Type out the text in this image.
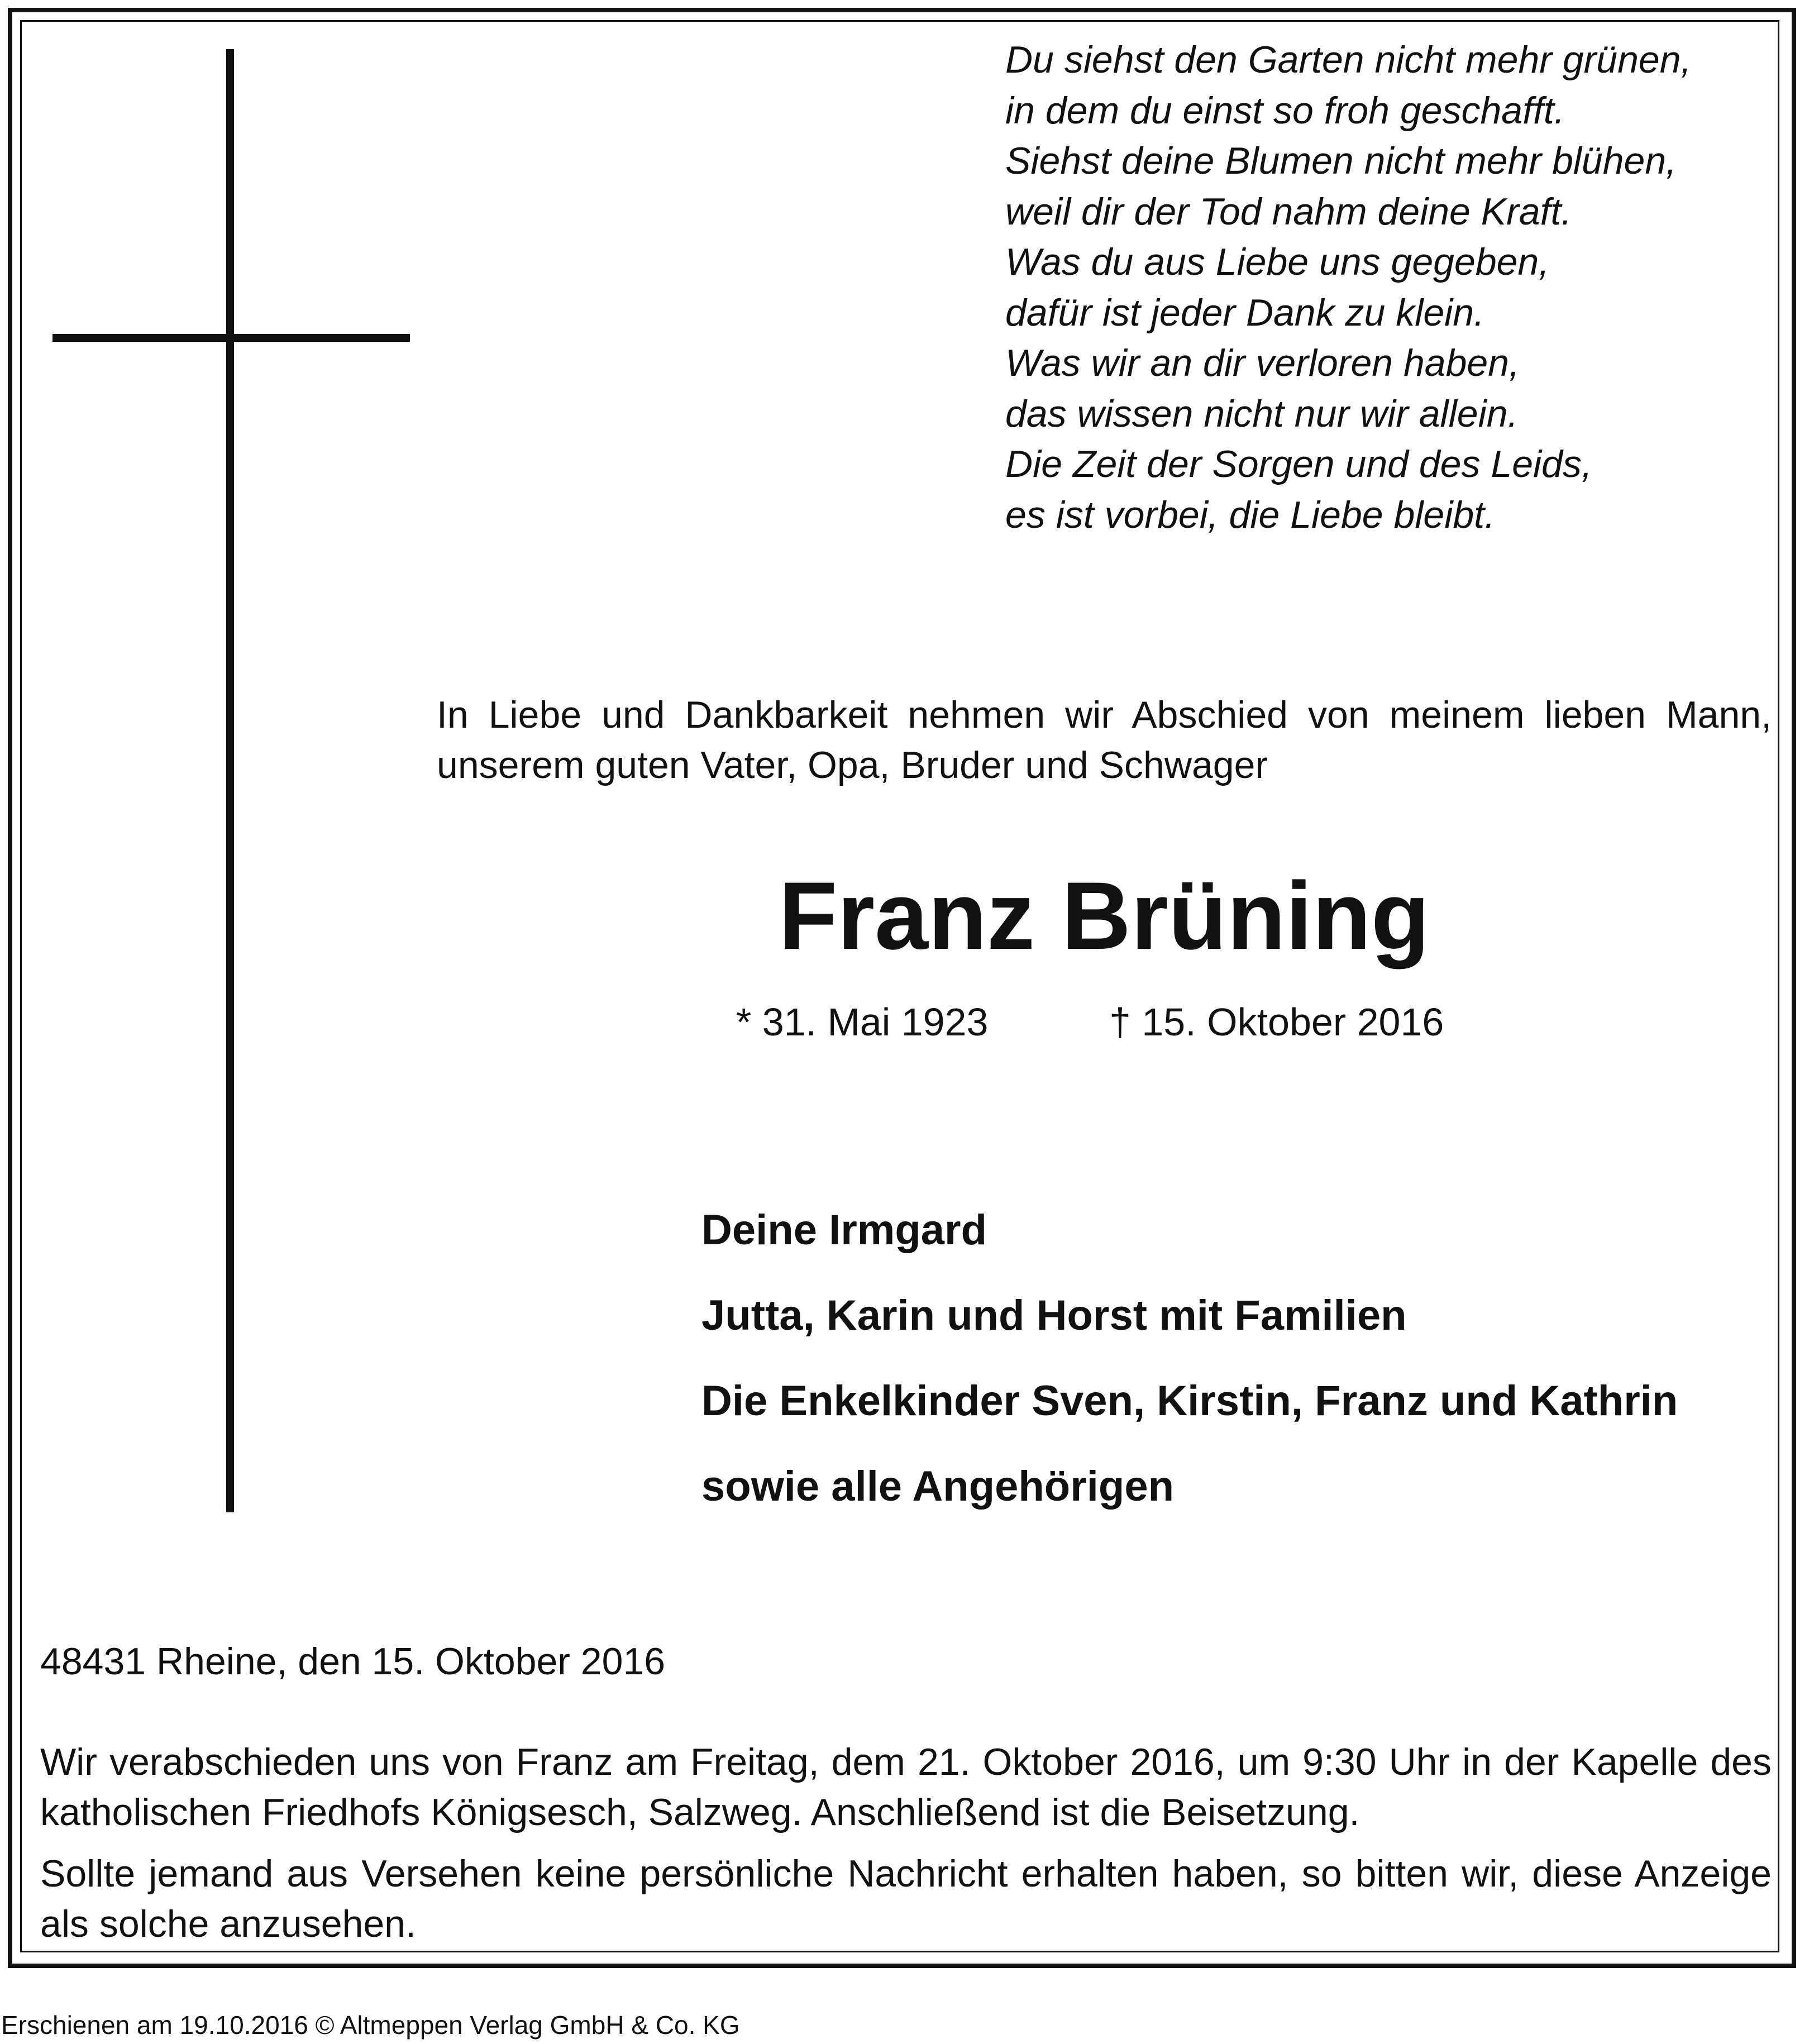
Du siehst den Garten nicht mehr grünen,
in dem du einst so froh geschafft.
Siehst deine Blumen nicht mehr blühen,
weil dir der Tod nahm deine Kraft.
Was du aus Liebe uns gegeben,
dafür ist jeder Dank zu klein.
Was wir an dir verloren haben,
das wissen nicht nur wir allein.
Die Zeit der Sorgen und des Leids,
es ist vorbei, die Liebe bleibt.
In Liebe und Dankbarkeit nehmen wir Abschied von meinem lieben Mann, unserem guten Vater, Opa, Bruder und Schwager
Franz Brüning
* 31. Mai 1923	† 15. Oktober 2016
Deine Irmgard
Jutta, Karin und Horst mit Familien
Die Enkelkinder Sven, Kirstin, Franz und Kathrin
sowie alle Angehörigen
48431 Rheine, den 15. Oktober 2016
Wir verabschieden uns von Franz am Freitag, dem 21. Oktober 2016, um 9:30 Uhr in der Kapelle des katholischen Friedhofs Königsesch, Salzweg. Anschließend ist die Beisetzung.
Sollte jemand aus Versehen keine persönliche Nachricht erhalten haben, so bitten wir, diese Anzeige als solche anzusehen.
Erschienen am 19.10.2016 © Altmeppen Verlag GmbH & Co. KG
